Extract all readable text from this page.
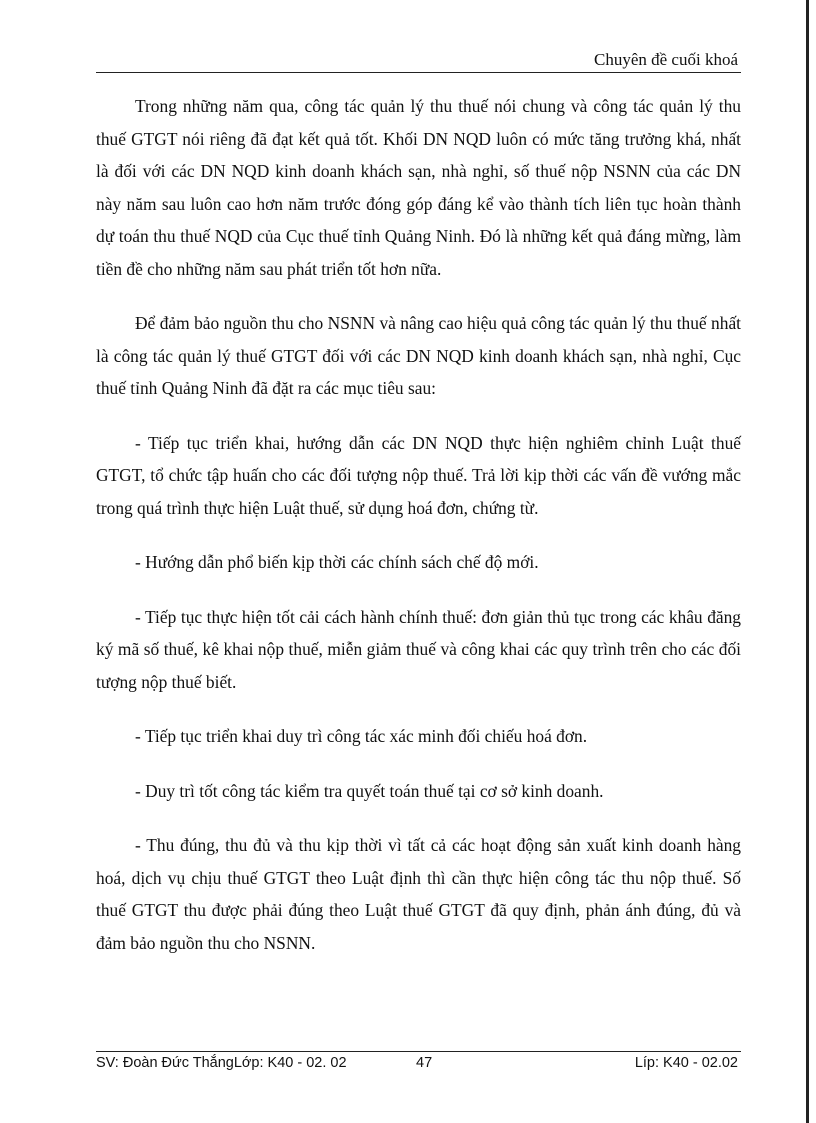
Chuyên đề cuối khoá

Trong những năm qua, công tác quản lý thu thuế nói chung và công tác quản lý thu thuế GTGT nói riêng đã đạt kết quả tốt. Khối DN NQD luôn có mức tăng trưởng khá, nhất là đối với các DN NQD kinh doanh khách sạn, nhà nghỉ, số thuế nộp NSNN của các DN này năm sau luôn cao hơn năm trước đóng góp đáng kể vào thành tích liên tục hoàn thành dự toán thu thuế NQD của Cục thuế tỉnh Quảng Ninh. Đó là những kết quả đáng mừng, làm tiền đề cho những năm sau phát triển tốt hơn nữa.

Để đảm bảo nguồn thu cho NSNN và nâng cao hiệu quả công tác quản lý thu thuế nhất là công tác quản lý thuế GTGT đối với các DN NQD kinh doanh khách sạn, nhà nghỉ, Cục thuế tỉnh Quảng Ninh đã đặt ra các mục tiêu sau:

- Tiếp tục triển khai, hướng dẫn các DN NQD thực hiện nghiêm chỉnh Luật thuế GTGT, tổ chức tập huấn cho các đối tượng nộp thuế. Trả lời kịp thời các vấn đề vướng mắc trong quá trình thực hiện Luật thuế, sử dụng hoá đơn, chứng từ.

- Hướng dẫn phổ biến kịp thời các chính sách chế độ mới.

- Tiếp tục thực hiện tốt cải cách hành chính thuế: đơn giản thủ tục trong các khâu đăng ký mã số thuế, kê khai nộp thuế, miễn giảm thuế và công khai các quy trình trên cho các đối tượng nộp thuế biết.

- Tiếp tục triển khai duy trì công tác xác minh đối chiếu hoá đơn.

- Duy trì tốt công tác kiểm tra quyết toán thuế tại cơ sở kinh doanh.

- Thu đúng, thu đủ và thu kịp thời vì tất cả các hoạt động sản xuất kinh doanh hàng hoá, dịch vụ chịu thuế GTGT theo Luật định thì cần thực hiện công tác thu nộp thuế. Số thuế GTGT thu được phải đúng theo Luật thuế GTGT đã quy định, phản ánh đúng, đủ và đảm bảo nguồn thu cho NSNN.

SV: Đoàn Đức ThắngLớp: K40 - 02. 02	47	Líp: K40 - 02.02
